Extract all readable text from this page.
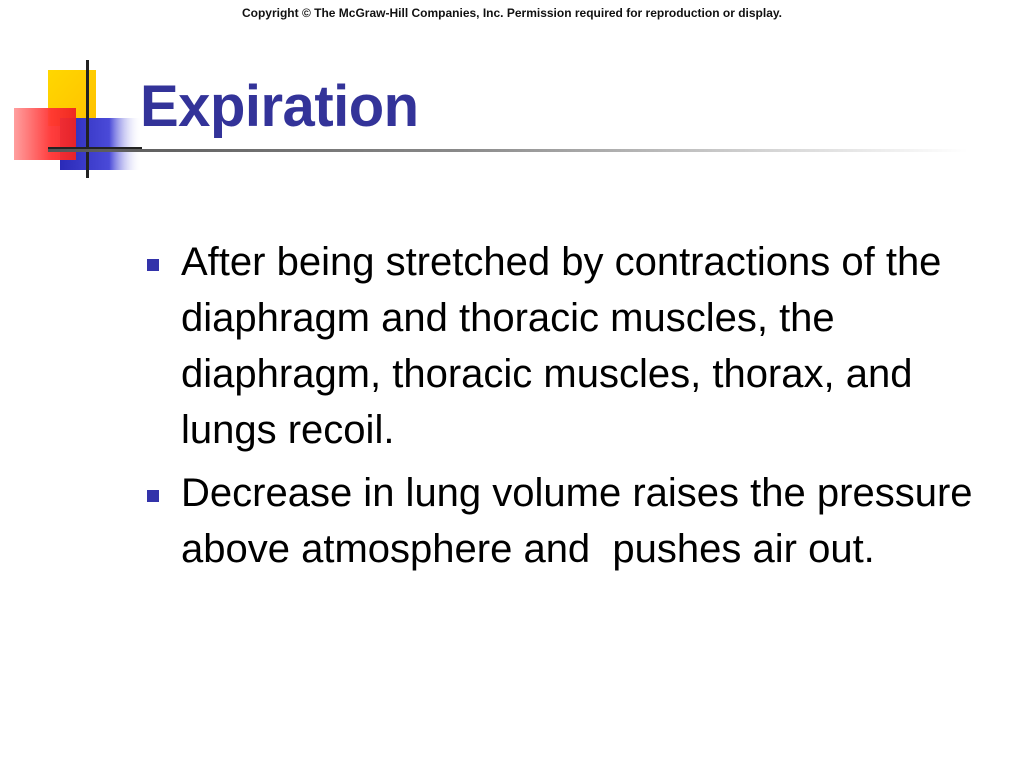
Copyright © The McGraw-Hill Companies, Inc. Permission required for reproduction or display.
Expiration
After being stretched by contractions of the diaphragm and thoracic muscles, the diaphragm, thoracic muscles, thorax, and lungs recoil.
Decrease in lung volume raises the pressure above atmosphere and  pushes air out.
